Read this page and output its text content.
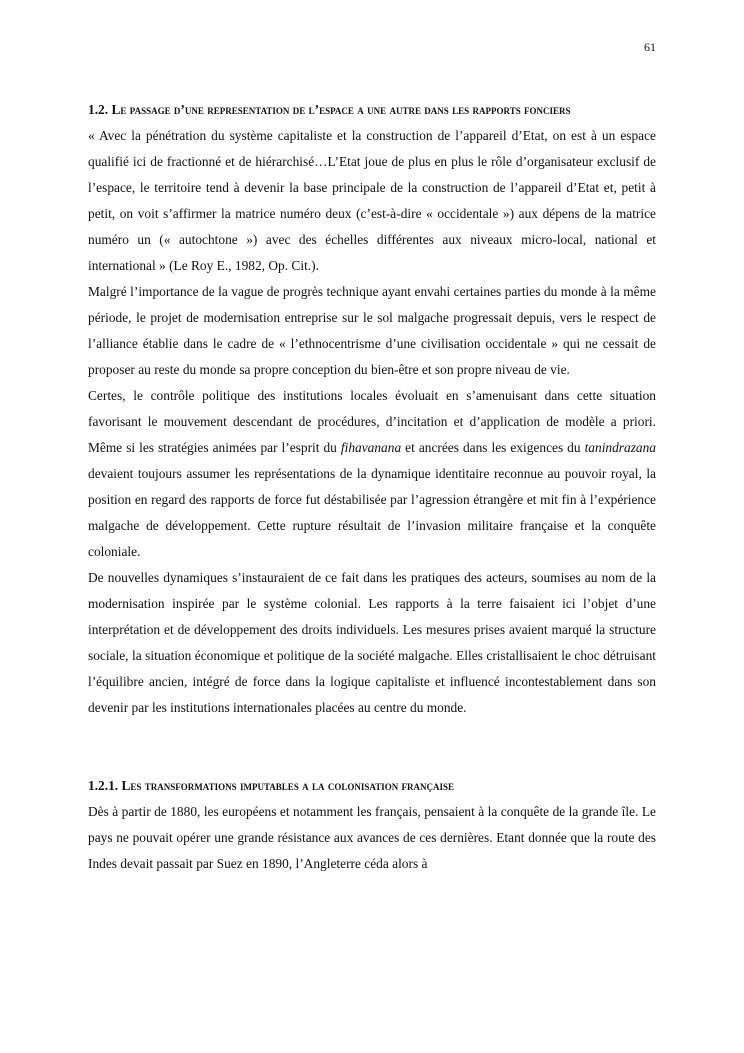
61

1.2. Le passage d’une representation de l’espace a une autre dans les rapports fonciers

« Avec la pénétration du système capitaliste et la construction de l’appareil d’Etat, on est à un espace qualifié ici de fractionné et de hiérarchisé…L’Etat joue de plus en plus le rôle d’organisateur exclusif de l’espace, le territoire tend à devenir la base principale de la construction de l’appareil d’Etat et, petit à petit, on voit s’affirmer la matrice numéro deux (c’est-à-dire « occidentale ») aux dépens de la matrice numéro un (« autochtone ») avec des échelles différentes aux niveaux micro-local, national et international » (Le Roy E., 1982, Op. Cit.).

Malgré l’importance de la vague de progrès technique ayant envahi certaines parties du monde à la même période, le projet de modernisation entreprise sur le sol malgache progressait depuis, vers le respect de l’alliance établie dans le cadre de « l’ethnocentrisme d’une civilisation occidentale » qui ne cessait de proposer au reste du monde sa propre conception du bien-être et son propre niveau de vie.

Certes, le contrôle politique des institutions locales évoluait en s’amenuisant dans cette situation favorisant le mouvement descendant de procédures, d’incitation et d’application de modèle a priori. Même si les stratégies animées par l’esprit du fihavanana et ancrées dans les exigences du tanindrazana devaient toujours assumer les représentations de la dynamique identitaire reconnue au pouvoir royal, la position en regard des rapports de force fut déstabilisée par l’agression étrangère et mit fin à l’expérience malgache de développement. Cette rupture résultait de l’invasion militaire française et la conquête coloniale.

De nouvelles dynamiques s’instauraient de ce fait dans les pratiques des acteurs, soumises au nom de la modernisation inspirée par le système colonial. Les rapports à la terre faisaient ici l’objet d’une interprétation et de développement des droits individuels. Les mesures prises avaient marqué la structure sociale, la situation économique et politique de la société malgache. Elles cristallisaient le choc détruisant l’équilibre ancien, intégré de force dans la logique capitaliste et influencé incontestablement dans son devenir par les institutions internationales placées au centre du monde.

1.2.1. Les transformations imputables a la colonisation française

Dès à partir de 1880, les européens et notamment les français, pensaient à la conquête de la grande île. Le pays ne pouvait opérer une grande résistance aux avances de ces dernières. Etant donnée que la route des Indes devait passait par Suez en 1890, l’Angleterre céda alors à
